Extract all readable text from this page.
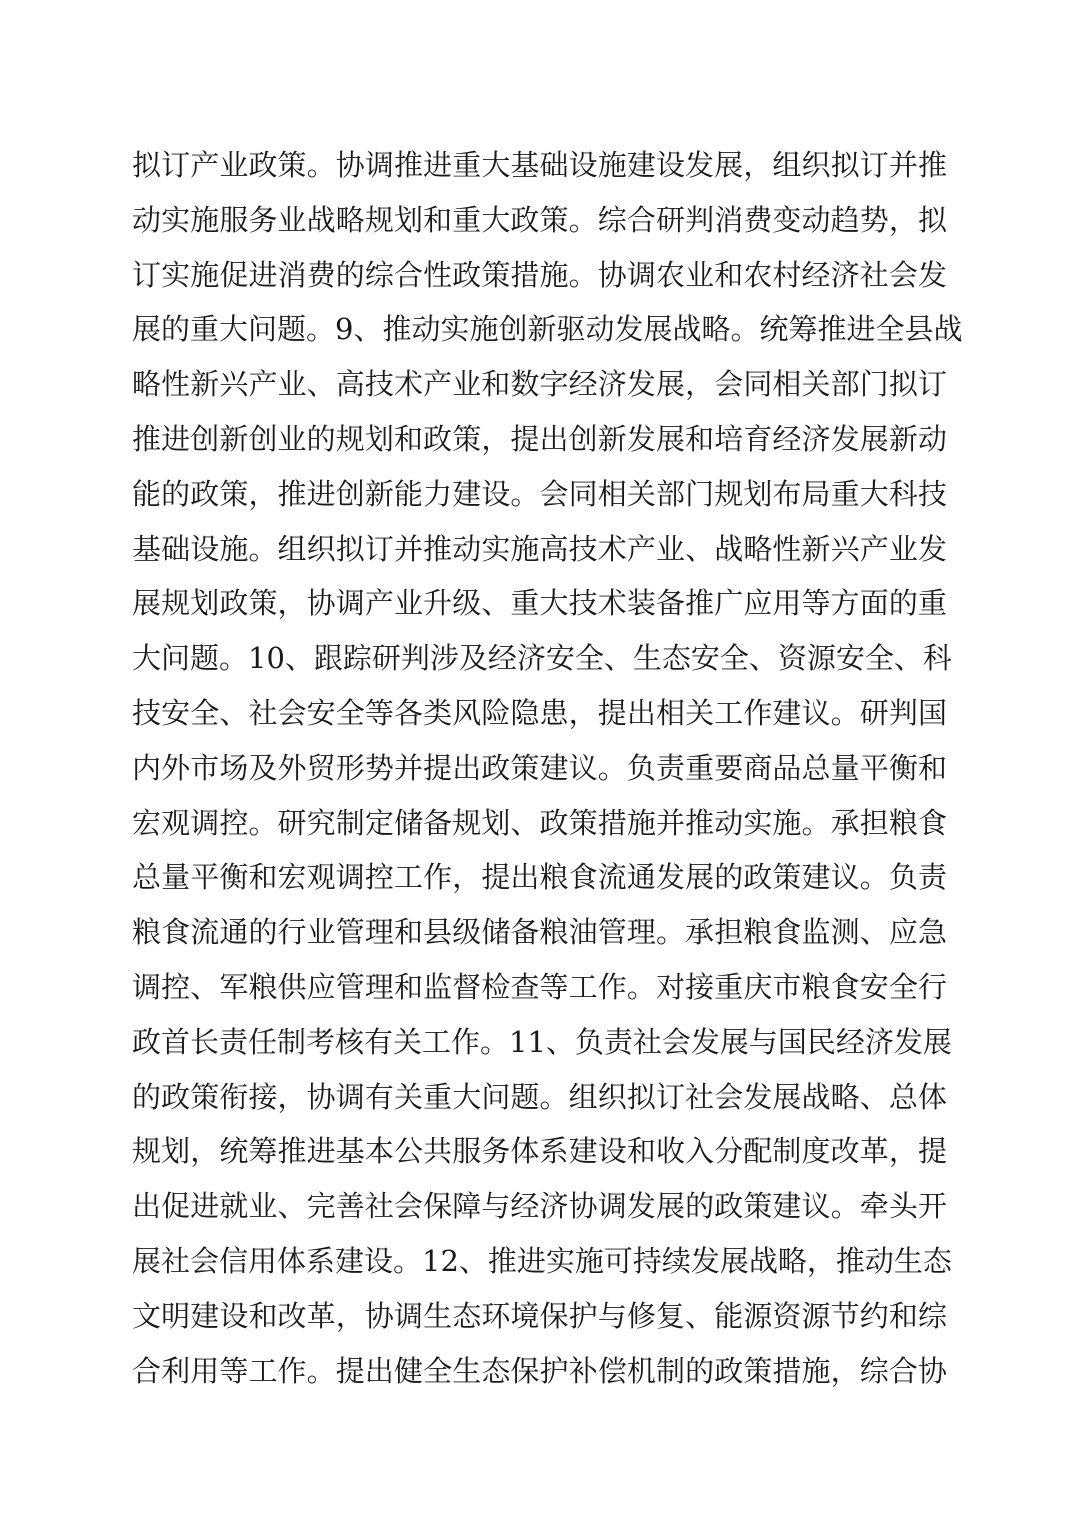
拟订产业政策。协调推进重大基础设施建设发展，组织拟订并推
动实施服务业战略规划和重大政策。综合研判消费变动趋势，拟
订实施促进消费的综合性政策措施。协调农业和农村经济社会发
展的重大问题。9、推动实施创新驱动发展战略。统筹推进全县战
略性新兴产业、高技术产业和数字经济发展，会同相关部门拟订
推进创新创业的规划和政策，提出创新发展和培育经济发展新动
能的政策，推进创新能力建设。会同相关部门规划布局重大科技
基础设施。组织拟订并推动实施高技术产业、战略性新兴产业发
展规划政策，协调产业升级、重大技术装备推广应用等方面的重
大问题。10、跟踪研判涉及经济安全、生态安全、资源安全、科
技安全、社会安全等各类风险隐患，提出相关工作建议。研判国
内外市场及外贸形势并提出政策建议。负责重要商品总量平衡和
宏观调控。研究制定储备规划、政策措施并推动实施。承担粮食
总量平衡和宏观调控工作，提出粮食流通发展的政策建议。负责
粮食流通的行业管理和县级储备粮油管理。承担粮食监测、应急
调控、军粮供应管理和监督检查等工作。对接重庆市粮食安全行
政首长责任制考核有关工作。11、负责社会发展与国民经济发展
的政策衔接，协调有关重大问题。组织拟订社会发展战略、总体
规划，统筹推进基本公共服务体系建设和收入分配制度改革，提
出促进就业、完善社会保障与经济协调发展的政策建议。牵头开
展社会信用体系建设。12、推进实施可持续发展战略，推动生态
文明建设和改革，协调生态环境保护与修复、能源资源节约和综
合利用等工作。提出健全生态保护补偿机制的政策措施，综合协
